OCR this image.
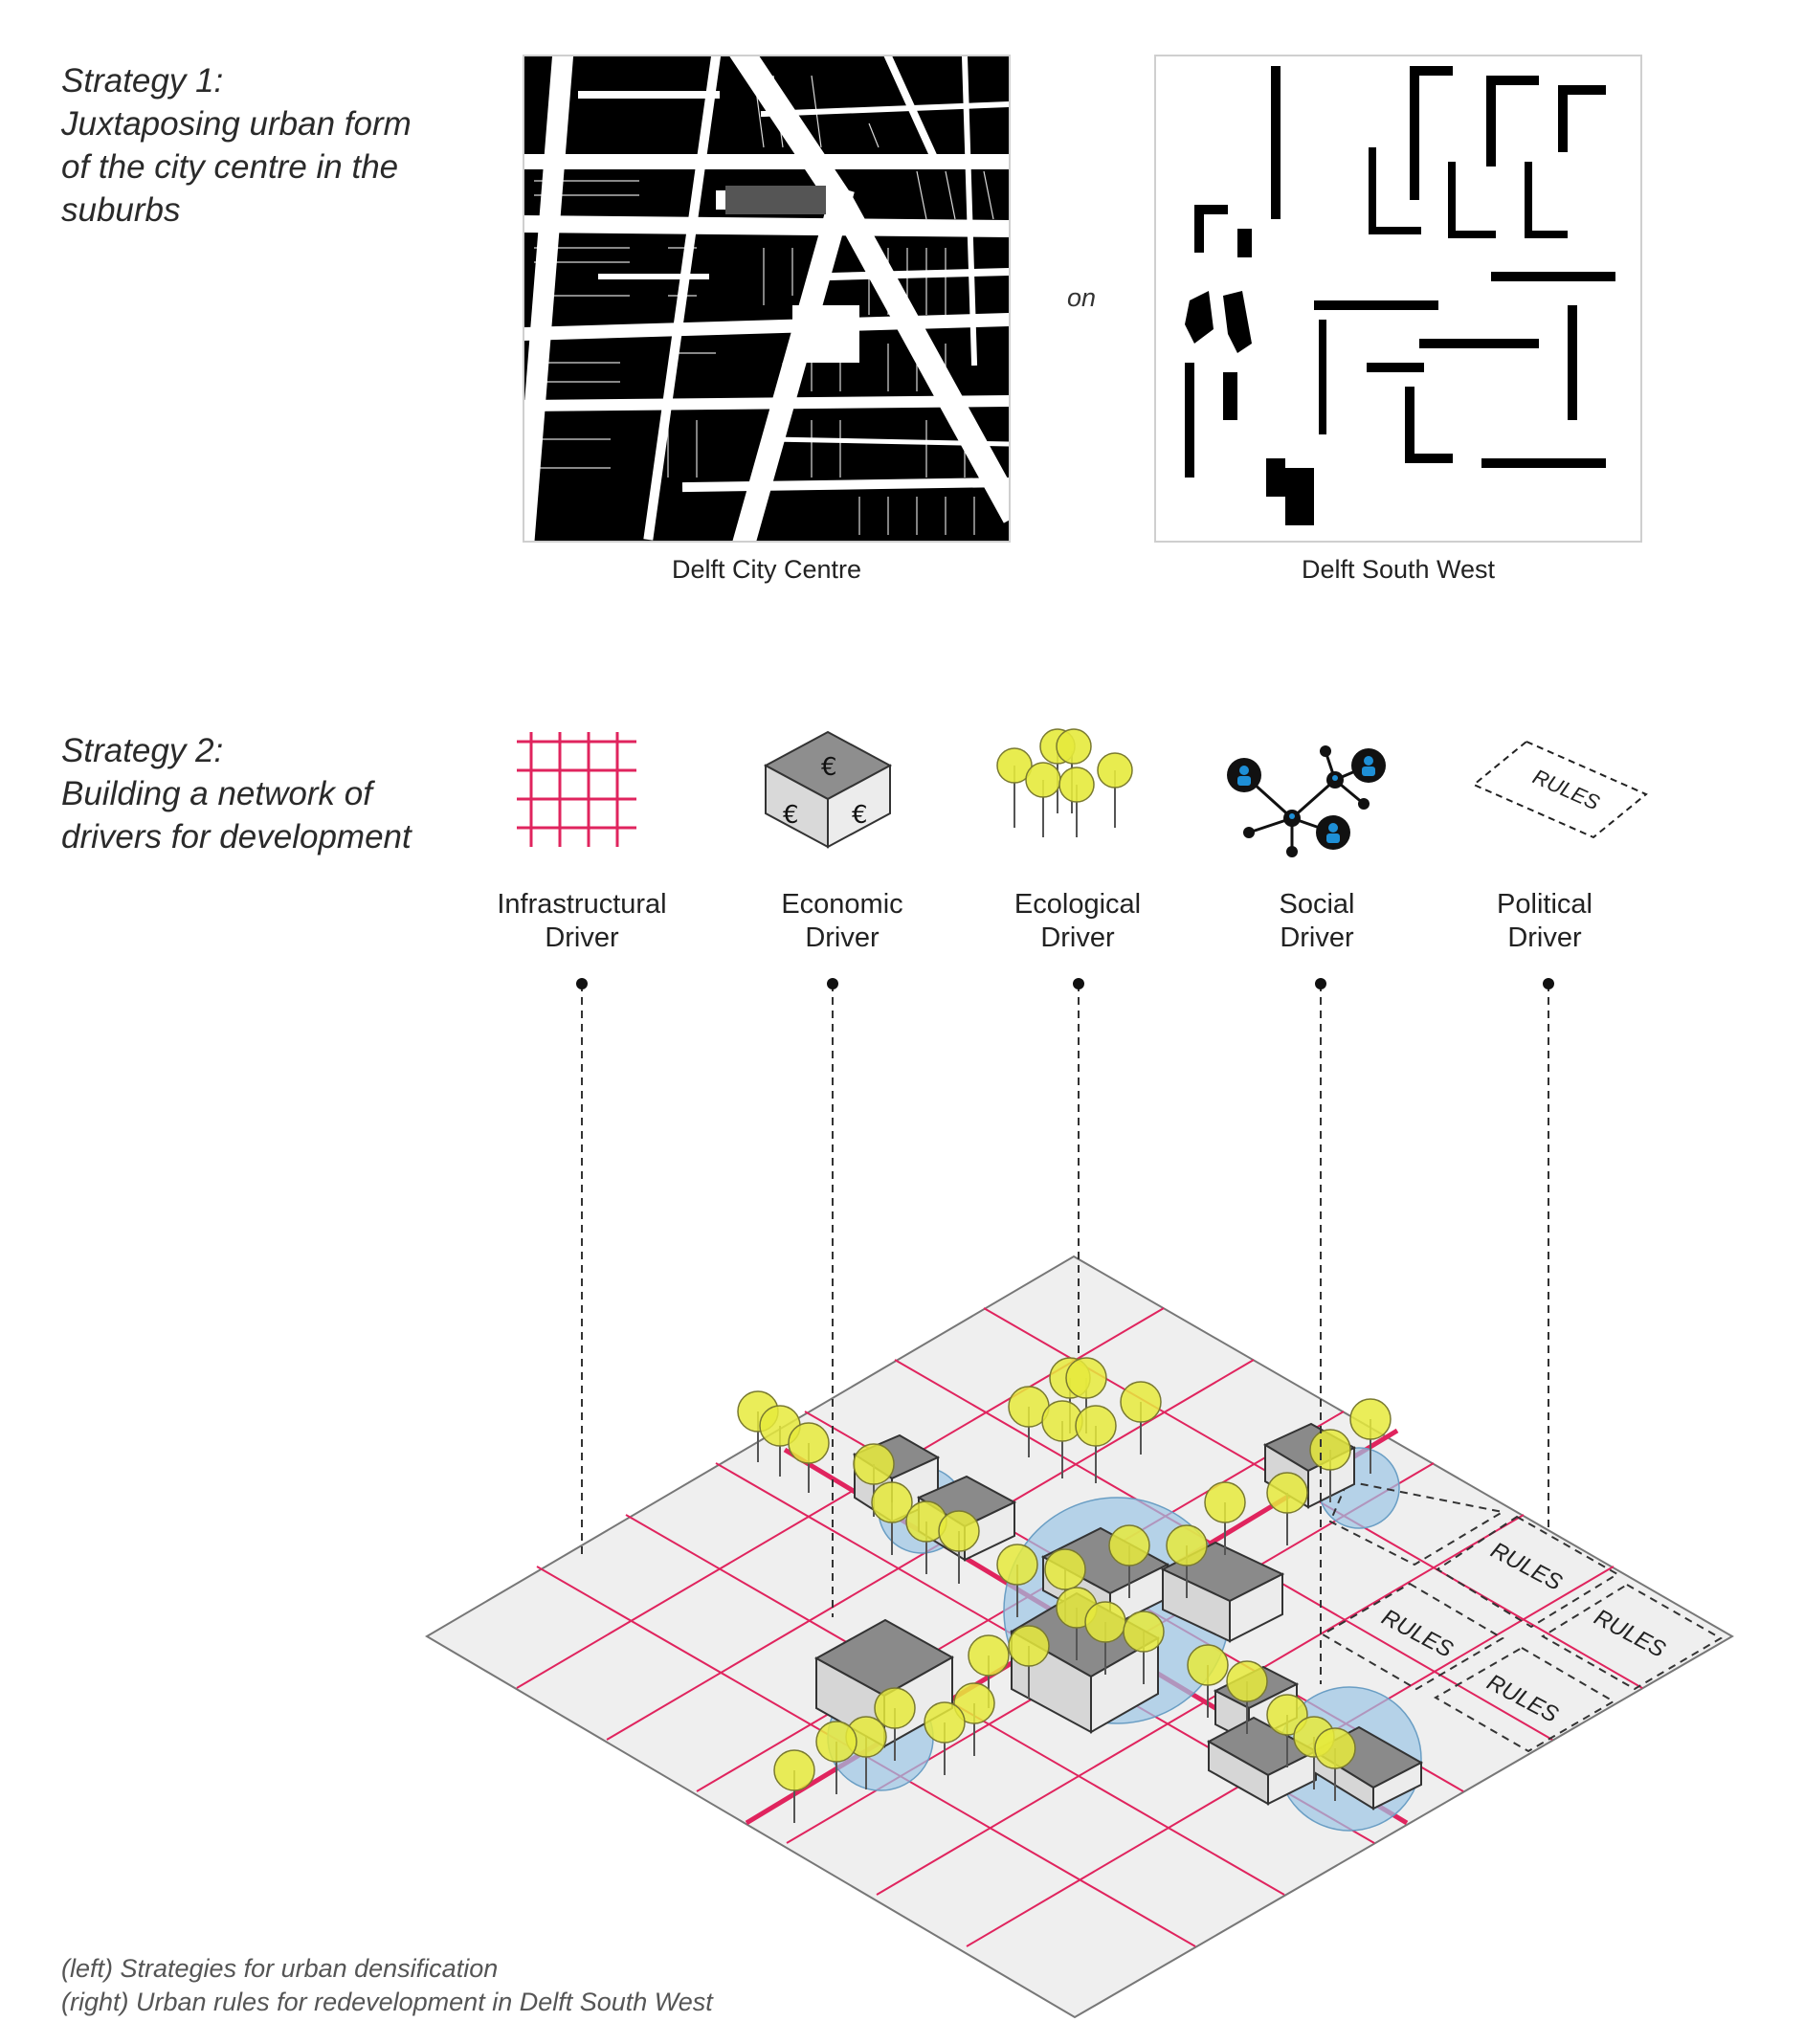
Strategy 1:
Juxtaposing urban form
of the city centre in the
suburbs
Delft City Centre
on
Delft South West
Strategy 2:
Building a network of
drivers for development
€
€ €
RULES
Infrastructural
Driver
Economic
Driver
Ecological
Driver
Social
Driver
Political
Driver
RULES
RULES	RULES
RULES
(left) Strategies for urban densification
(right) Urban rules for redevelopment in Delft South West
